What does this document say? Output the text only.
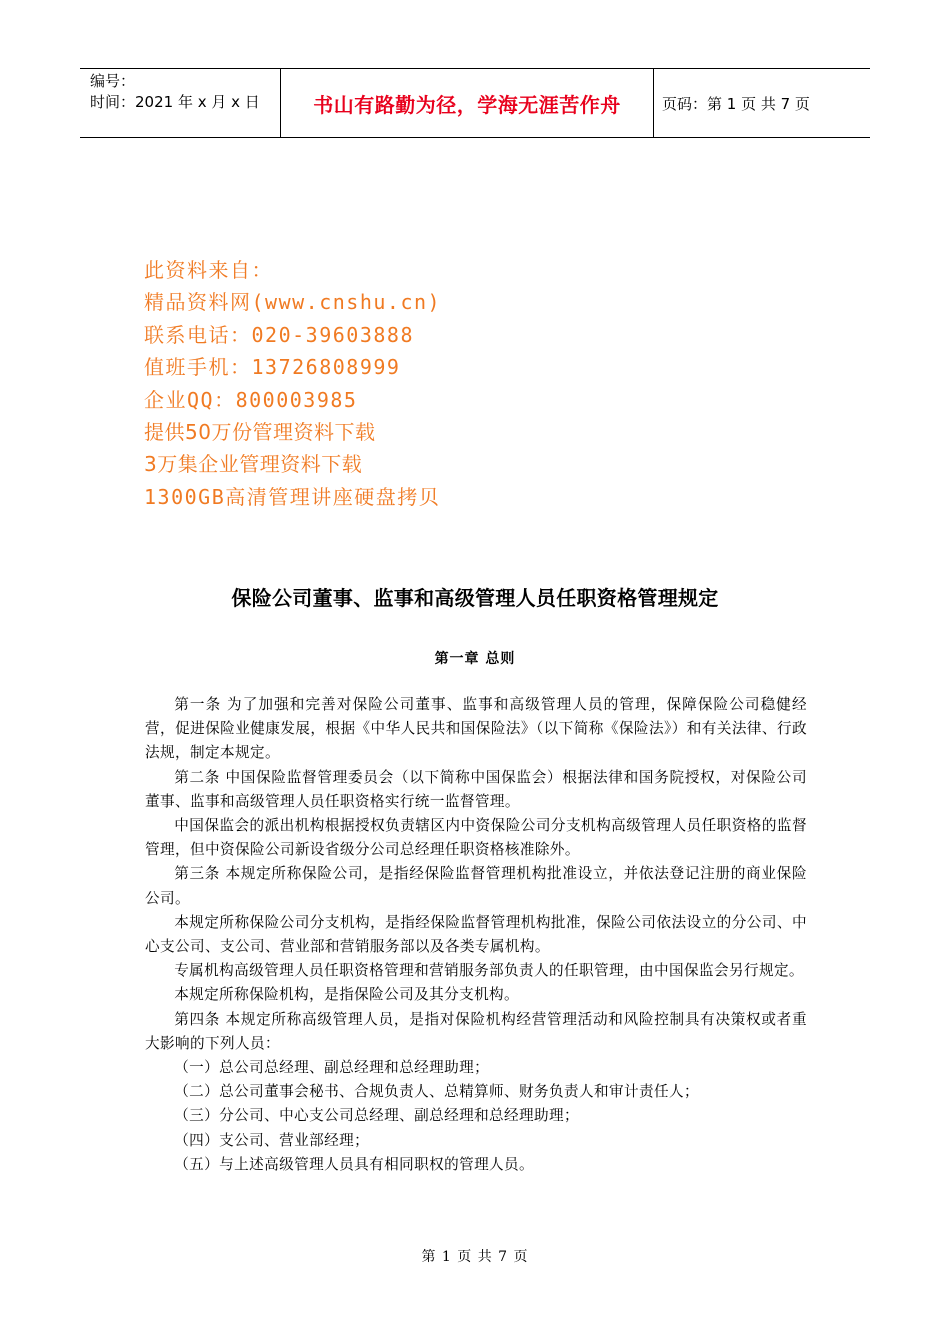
编号：
时间：2021 年 x 月 x 日	书山有路勤为径，学海无涯苦作舟	页码：第 1 页 共 7 页
此资料来自：
精品资料网(www.cnshu.cn)
联系电话：020-39603888
值班手机：13726808999
企业QQ：800003985
提供50万份管理资料下载
3万集企业管理资料下载
1300GB高清管理讲座硬盘拷贝
保险公司董事、监事和高级管理人员任职资格管理规定
第一章 总则

第一条 为了加强和完善对保险公司董事、监事和高级管理人员的管理，保障保险公司稳健经营，促进保险业健康发展，根据《中华人民共和国保险法》（以下简称《保险法》）和有关法律、行政法规，制定本规定。

第二条 中国保险监督管理委员会（以下简称中国保监会）根据法律和国务院授权，对保险公司董事、监事和高级管理人员任职资格实行统一监督管理。

中国保监会的派出机构根据授权负责辖区内中资保险公司分支机构高级管理人员任职资格的监督管理，但中资保险公司新设省级分公司总经理任职资格核准除外。

第三条 本规定所称保险公司，是指经保险监督管理机构批准设立，并依法登记注册的商业保险公司。

本规定所称保险公司分支机构，是指经保险监督管理机构批准，保险公司依法设立的分公司、中心支公司、支公司、营业部和营销服务部以及各类专属机构。

专属机构高级管理人员任职资格管理和营销服务部负责人的任职管理，由中国保监会另行规定。

本规定所称保险机构，是指保险公司及其分支机构。

第四条 本规定所称高级管理人员，是指对保险机构经营管理活动和风险控制具有决策权或者重大影响的下列人员：

（一）总公司总经理、副总经理和总经理助理；

（二）总公司董事会秘书、合规负责人、总精算师、财务负责人和审计责任人；

（三）分公司、中心支公司总经理、副总经理和总经理助理；

（四）支公司、营业部经理；

（五）与上述高级管理人员具有相同职权的管理人员。

第 1 页 共 7 页
